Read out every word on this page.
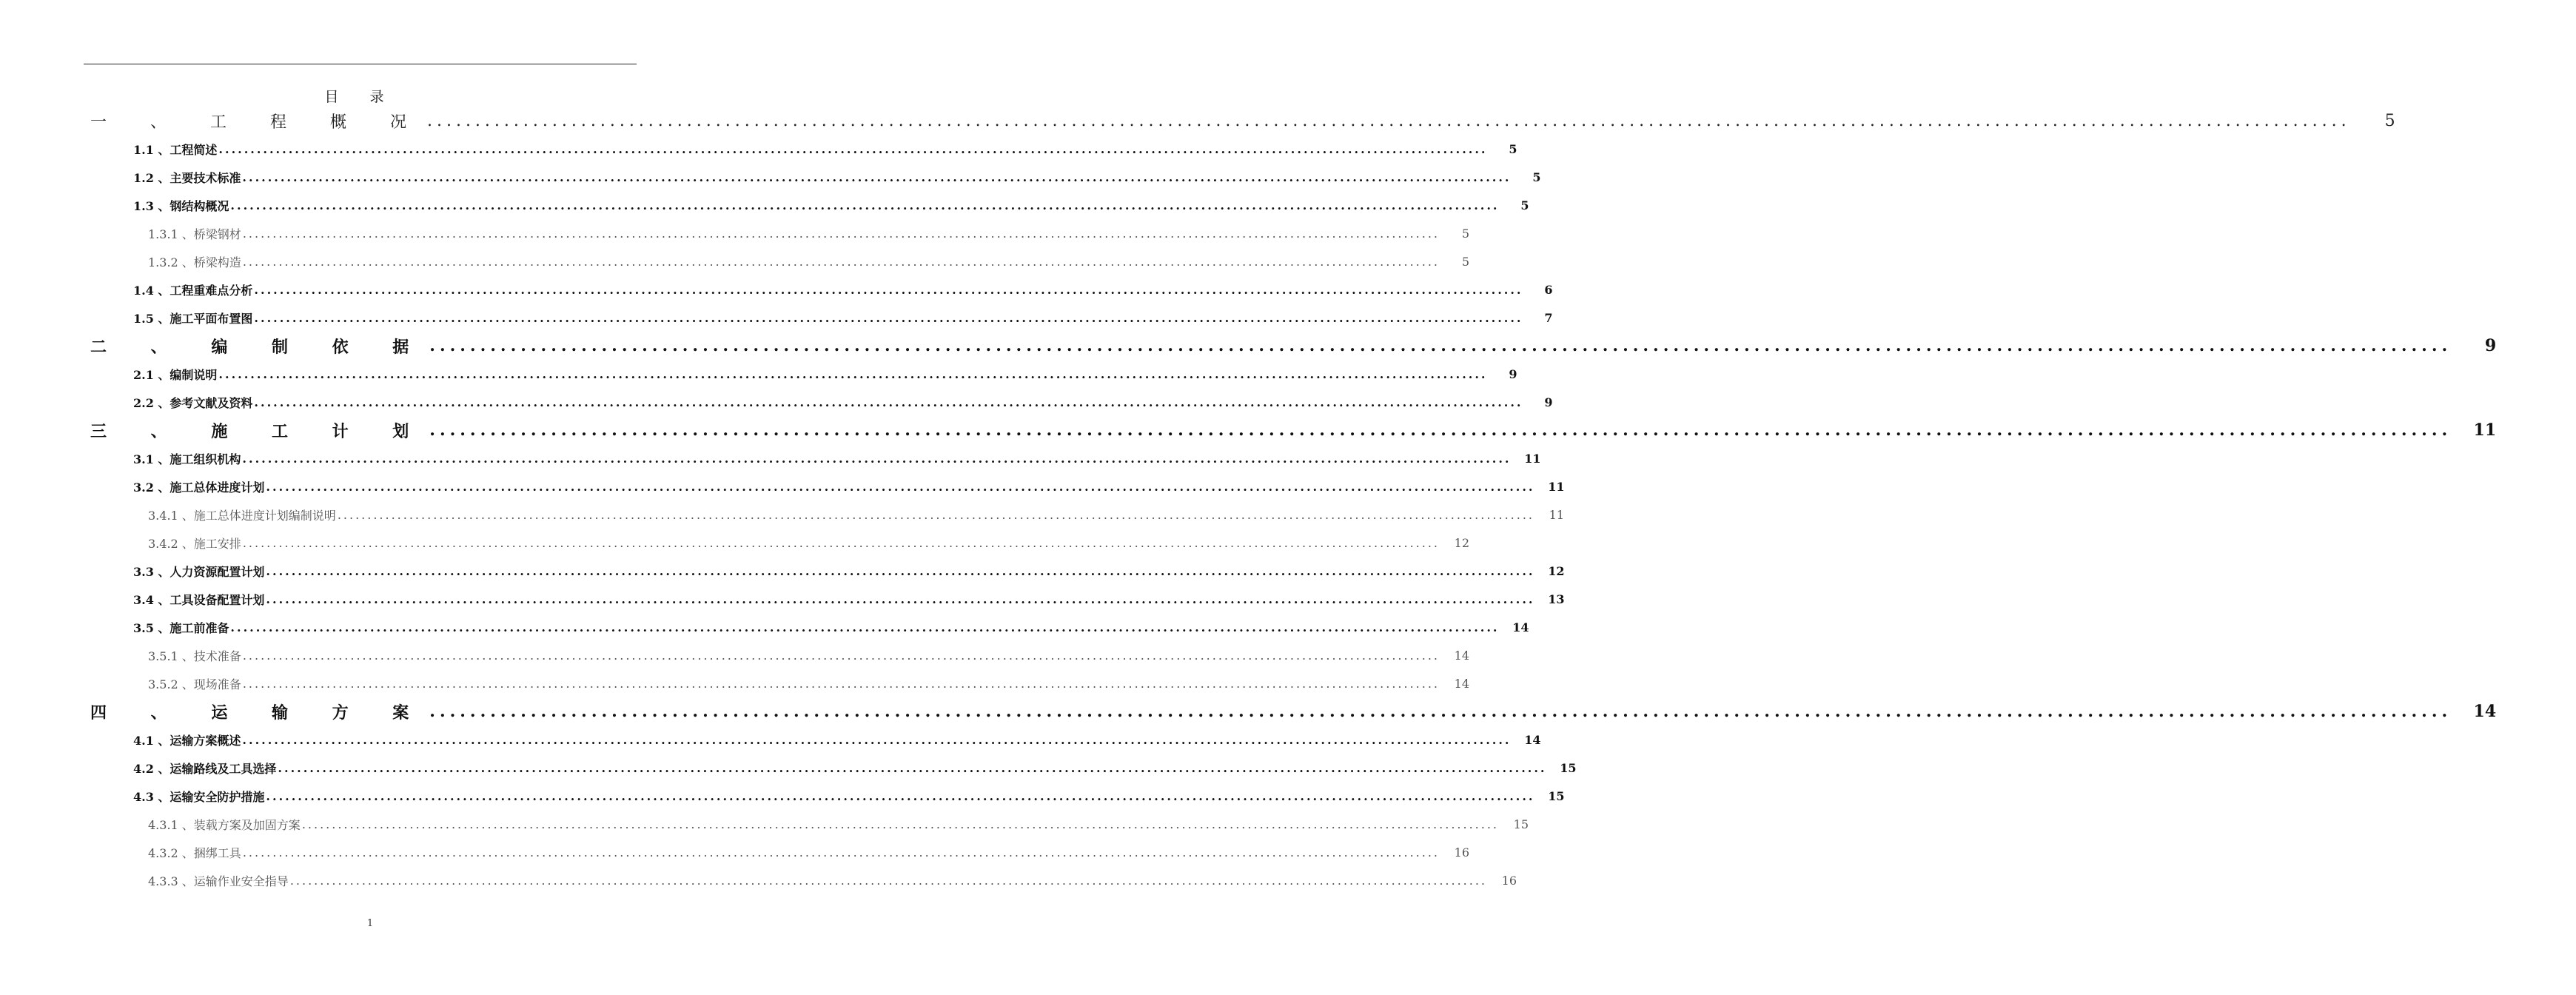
目 录
一 、 工 程 概 况 ........................................................................................................................................................................................................	5
1.1 、工程简述 ........................................................................................................................................................................................................	5
1.2 、主要技术标准 ........................................................................................................................................................................................................	5
1.3 、钢结构概况 ........................................................................................................................................................................................................	5
1.3.1 、桥梁钢材 ........................................................................................................................................................................................................	5
1.3.2 、桥梁构造 ........................................................................................................................................................................................................	5
1.4 、工程重难点分析 ........................................................................................................................................................................................................	6
1.5 、施工平面布置图 ........................................................................................................................................................................................................	7
二 、 编 制 依 据 ........................................................................................................................................................................................................	9
2.1 、编制说明 ........................................................................................................................................................................................................	9
2.2 、参考文献及资料 ........................................................................................................................................................................................................	9
三 、 施 工 计 划 ........................................................................................................................................................................................................	11
3.1 、施工组织机构 ........................................................................................................................................................................................................	11
3.2 、施工总体进度计划 ........................................................................................................................................................................................................	11
3.4.1 、施工总体进度计划编制说明 ........................................................................................................................................................................................................	11
3.4.2 、施工安排 ........................................................................................................................................................................................................	12
3.3 、人力资源配置计划 ........................................................................................................................................................................................................	12
3.4 、工具设备配置计划 ........................................................................................................................................................................................................	13
3.5 、施工前准备 ........................................................................................................................................................................................................	14
3.5.1 、技术准备 ........................................................................................................................................................................................................	14
3.5.2 、现场准备 ........................................................................................................................................................................................................	14
四 、 运 输 方 案 ........................................................................................................................................................................................................	14
4.1 、运输方案概述 ........................................................................................................................................................................................................	14
4.2 、运输路线及工具选择 ........................................................................................................................................................................................................	15
4.3 、运输安全防护措施 ........................................................................................................................................................................................................	15
4.3.1 、装载方案及加固方案 ........................................................................................................................................................................................................	15
4.3.2 、捆绑工具 ........................................................................................................................................................................................................	16
4.3.3 、运输作业安全指导 ........................................................................................................................................................................................................	16
1
